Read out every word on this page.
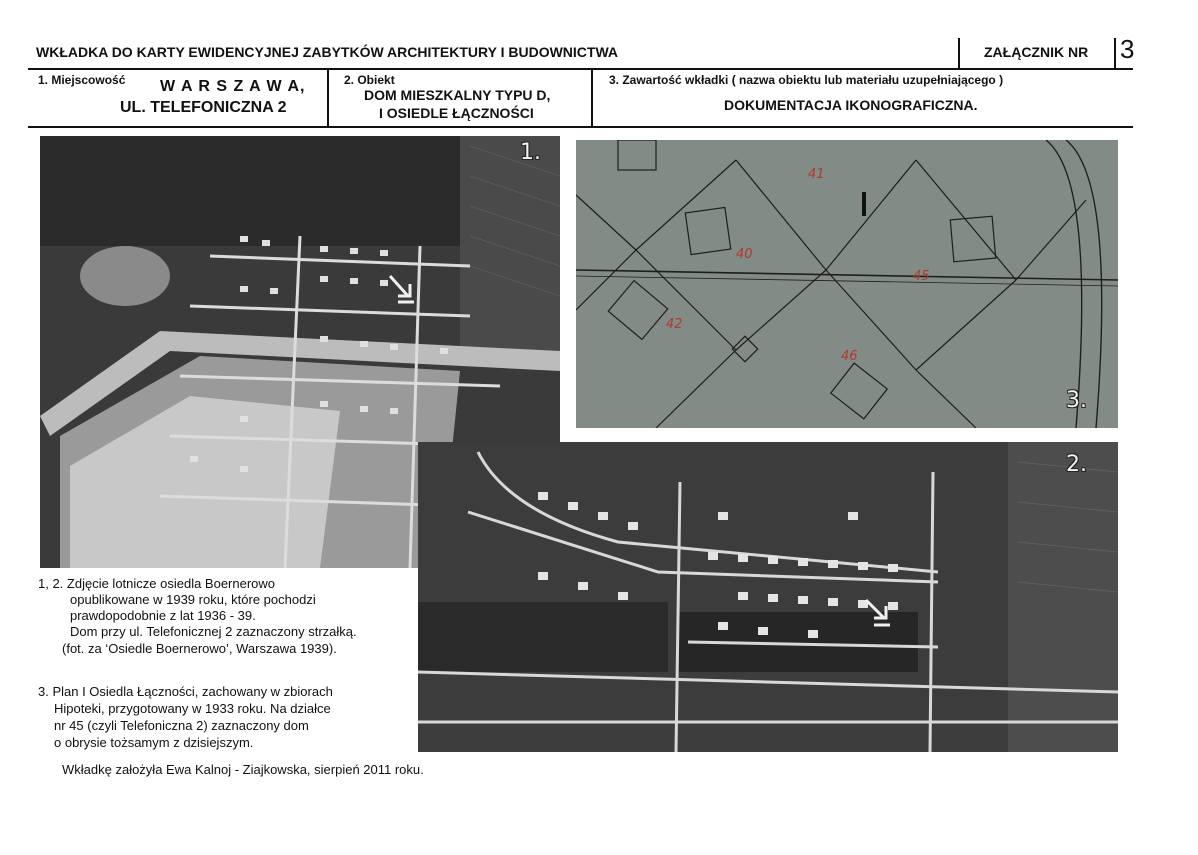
WKŁADKA DO KARTY EWIDENCYJNEJ ZABYTKÓW ARCHITEKTURY I BUDOWNICTWA	ZAŁĄCZNIK NR 3
1. Miejscowość W A R S Z A W A,
UL. TELEFONICZNA 2
2. Obiekt
DOM MIESZKALNY TYPU D,
I OSIEDLE ŁĄCZNOŚCI
3. Zawartość wkładki ( nazwa obiektu lub materiału uzupełniającego )
DOKUMENTACJA IKONOGRAFICZNA.
1.
41
45
46
42
40
3.
2.
1, 2. Zdjęcie lotnicze osiedla Boernerowo
opublikowane w 1939 roku, które pochodzi
prawdopodobnie z lat 1936 - 39.
Dom przy ul. Telefonicznej 2 zaznaczony strzałką.
(fot. za ‘Osiedle Boernerowo’, Warszawa 1939).
3. Plan I Osiedla Łączności, zachowany w zbiorach
Hipoteki, przygotowany w 1933 roku. Na działce
nr 45 (czyli Telefoniczna 2) zaznaczony dom
o obrysie tożsamym z dzisiejszym.
Wkładkę założyła Ewa Kalnoj - Ziajkowska, sierpień 2011 roku.
